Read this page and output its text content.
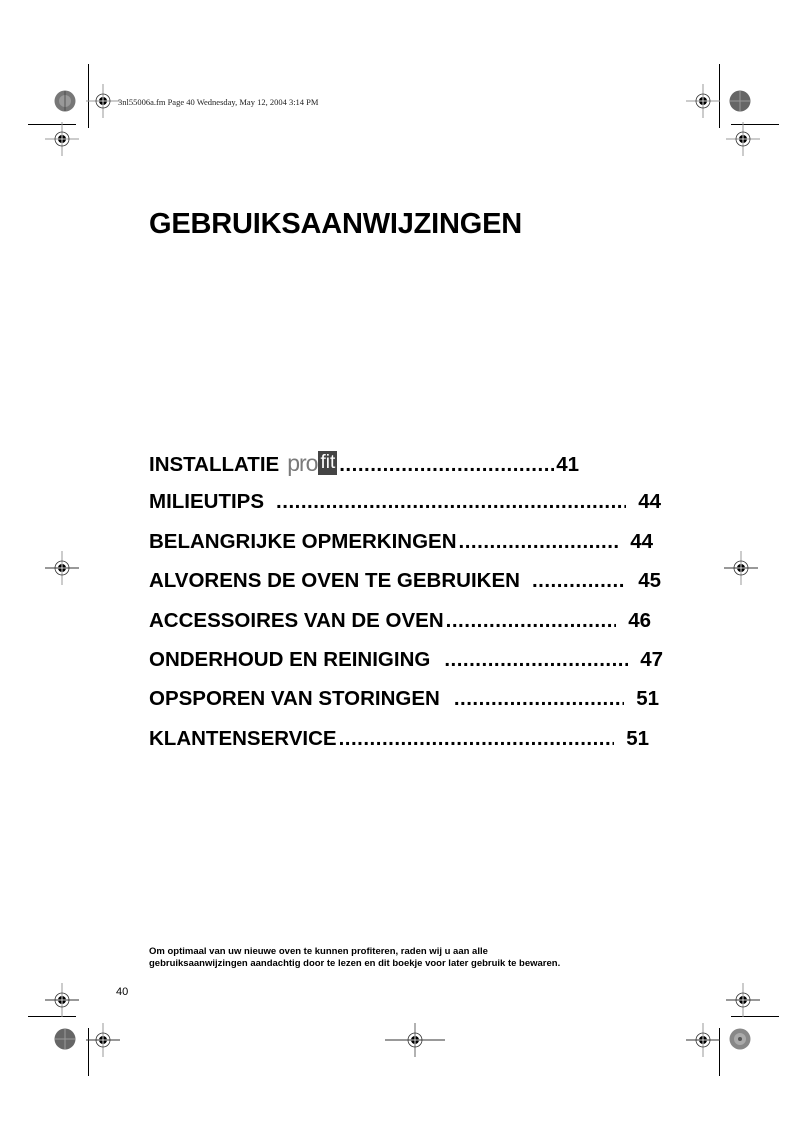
3nl55006a.fm Page 40 Wednesday, May 12, 2004 3:14 PM
GEBRUIKSAANWIJZINGEN
INSTALLATIE pro fit .....	41
MILIEUTIPS .....	44
BELANGRIJKE OPMERKINGEN .....	44
ALVORENS DE OVEN TE GEBRUIKEN .....	45
ACCESSOIRES VAN DE OVEN .....	46
ONDERHOUD EN REINIGING .....	47
OPSPOREN VAN STORINGEN .....	51
KLANTENSERVICE .....	51
Om optimaal van uw nieuwe oven te kunnen profiteren, raden wij u aan alle
gebruiksaanwijzingen aandachtig door te lezen en dit boekje voor later gebruik te bewaren.
40
